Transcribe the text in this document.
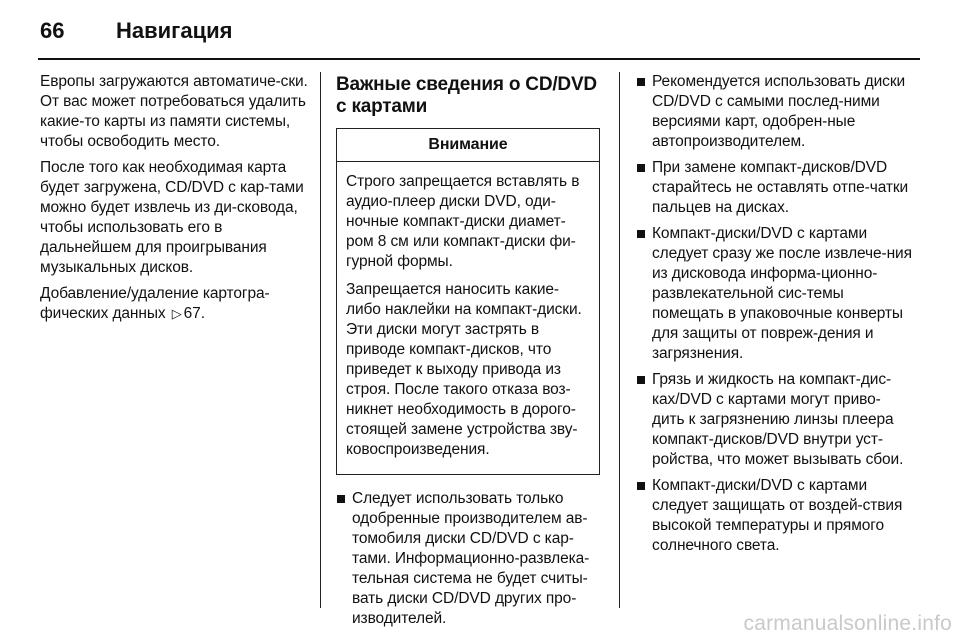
66 Навигация

Европы загружаются автоматиче-ски. От вас может потребоваться удалить какие-то карты из памяти системы, чтобы освободить место.

После того как необходимая карта будет загружена, CD/DVD с кар-тами можно будет извлечь из ди-сковода, чтобы использовать его в дальнейшем для проигрывания музыкальных дисков.

Добавление/удаление картогра-фических данных ▷ 67.

Важные сведения о CD/DVD с картами
Внимание

Строго запрещается вставлять в аудио-плеер диски DVD, оди-ночные компакт-диски диамет-ром 8 см или компакт-диски фи-гурной формы.

Запрещается наносить какие-либо наклейки на компакт-диски. Эти диски могут застрять в приводе компакт-дисков, что приведет к выходу привода из строя. После такого отказа воз-никнет необходимость в дорого-стоящей замене устройства зву-ковоспроизведения.

Следует использовать только одобренные производителем ав-томобиля диски CD/DVD с кар-тами. Информационно-развлека-тельная система не будет считы-вать диски CD/DVD других про-изводителей.
Рекомендуется использовать диски CD/DVD с самыми послед-ними версиями карт, одобрен-ные автопроизводителем.
При замене компакт-дисков/DVD старайтесь не оставлять отпе-чатки пальцев на дисках.
Компакт-диски/DVD с картами следует сразу же после извлече-ния из дисковода информа-ционно-развлекательной сис-темы помещать в упаковочные конверты для защиты от повреж-дения и загрязнения.
Грязь и жидкость на компакт-дис-ках/DVD с картами могут приво-дить к загрязнению линзы плеера компакт-дисков/DVD внутри уст-ройства, что может вызывать сбои.
Компакт-диски/DVD с картами следует защищать от воздей-ствия высокой температуры и прямого солнечного света.
carmanualsonline.info
